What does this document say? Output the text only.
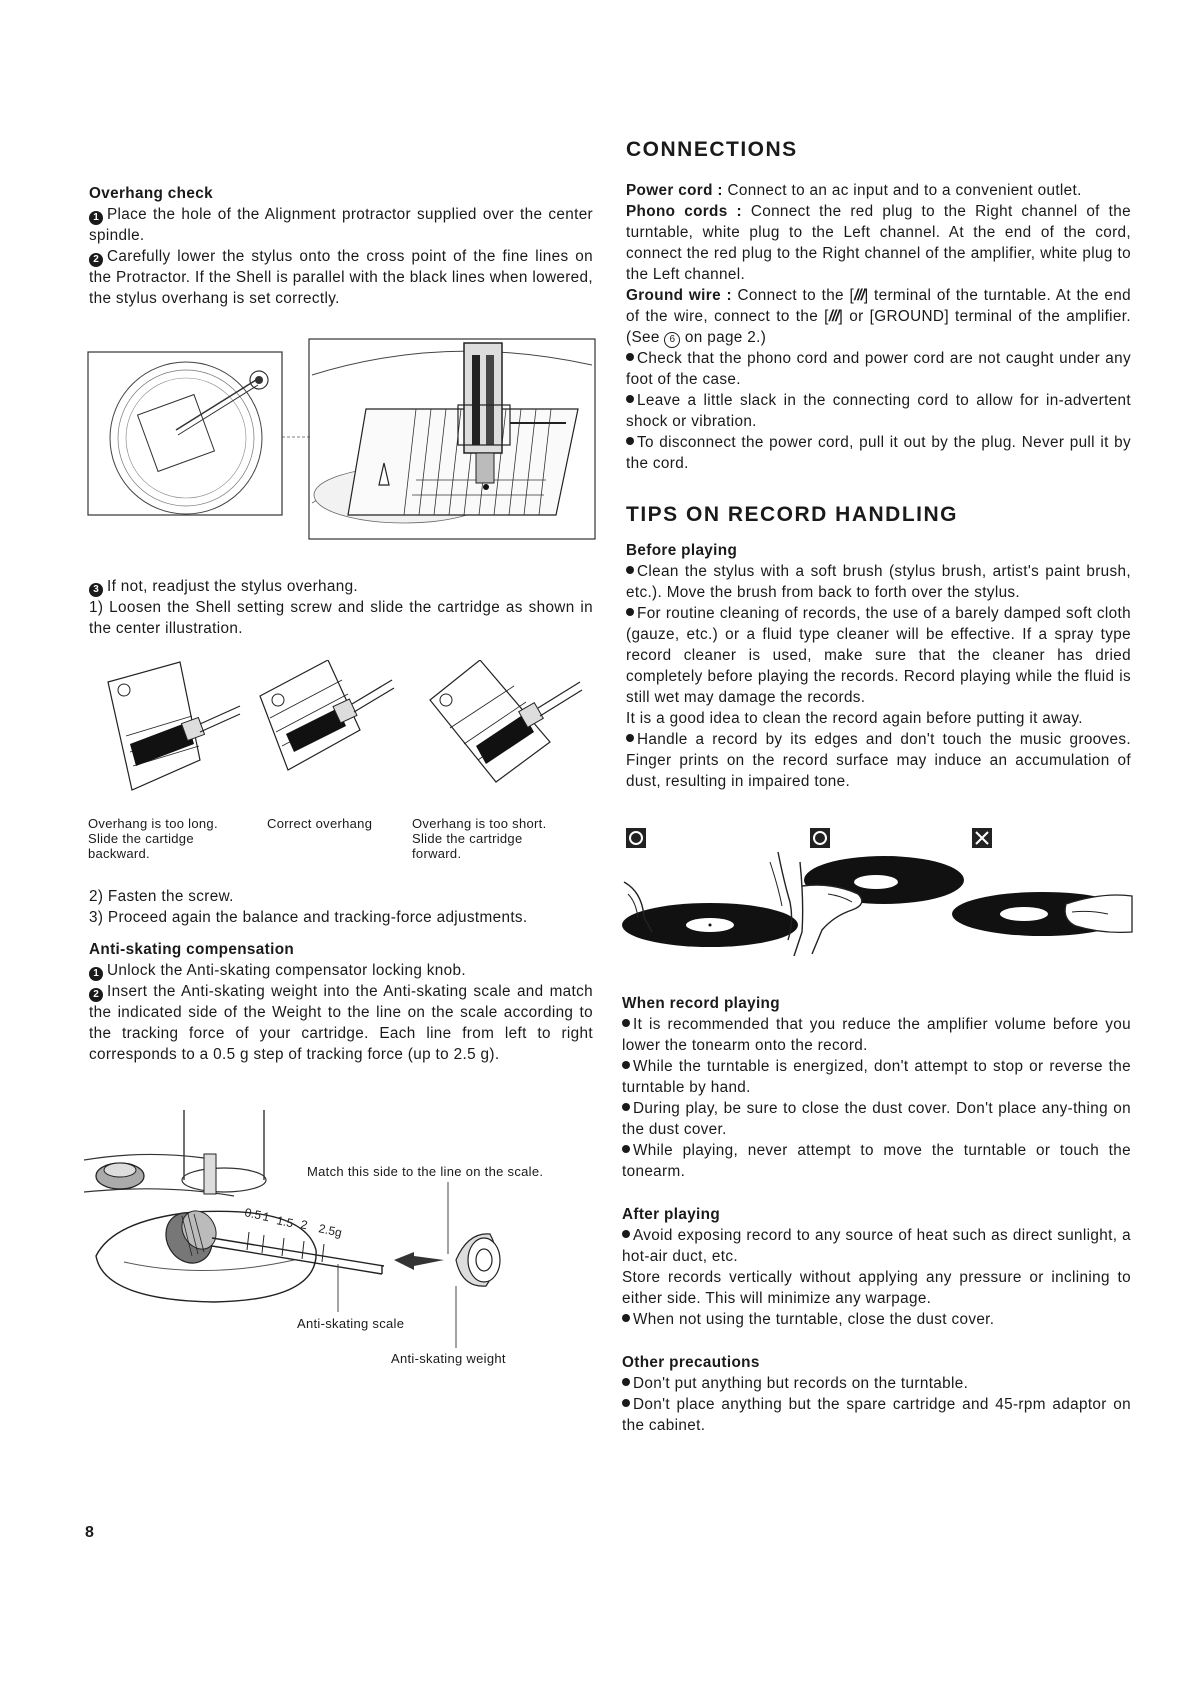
Overhang check

1 Place the hole of the Alignment protractor supplied over the center spindle.

2 Carefully lower the stylus onto the cross point of the fine lines on the Protractor. If the Shell is parallel with the black lines when lowered, the stylus overhang is set correctly.

3 If not, readjust the stylus overhang.

1) Loosen the Shell setting screw and slide the cartridge as shown in the center illustration.

Overhang is too long.
Slide the cartidge
backward.
Correct overhang	Overhang is too short.
Slide the cartridge
forward.

2) Fasten the screw.

3) Proceed again the balance and tracking-force adjustments.

Anti-skating compensation

1 Unlock the Anti-skating compensator locking knob.

2 Insert the Anti-skating weight into the Anti-skating scale and match the indicated side of the Weight to the line on the scale according to the tracking force of your cartridge. Each line from left to right corresponds to a 0.5 g step of tracking force (up to 2.5 g).

0.5
1 1.5 2 2.5g
Match this side to the line on the scale.
Anti-skating scale
Anti-skating weight
CONNECTIONS

Power cord : Connect to an ac input and to a convenient outlet.

Phono cords : Connect the red plug to the Right channel of the turntable, white plug to the Left channel. At the end of the cord, connect the red plug to the Right channel of the amplifier, white plug to the Left channel.

Ground wire : Connect to the [///] terminal of the turntable. At the end of the wire, connect to the [///] or [GROUND] terminal of the amplifier. (See 6 on page 2.)

Check that the phono cord and power cord are not caught under any foot of the case.

Leave a little slack in the connecting cord to allow for in-advertent shock or vibration.

To disconnect the power cord, pull it out by the plug. Never pull it by the cord.

TIPS ON RECORD HANDLING

Before playing

Clean the stylus with a soft brush (stylus brush, artist's paint brush, etc.). Move the brush from back to forth over the stylus.

For routine cleaning of records, the use of a barely damped soft cloth (gauze, etc.) or a fluid type cleaner will be effective. If a spray type record cleaner is used, make sure that the cleaner has dried completely before playing the records. Record playing while the fluid is still wet may damage the records.

It is a good idea to clean the record again before putting it away.

Handle a record by its edges and don't touch the music grooves. Finger prints on the record surface may induce an accumulation of dust, resulting in impaired tone.

When record playing

It is recommended that you reduce the amplifier volume before you lower the tonearm onto the record.

While the turntable is energized, don't attempt to stop or reverse the turntable by hand.

During play, be sure to close the dust cover. Don't place any-thing on the dust cover.

While playing, never attempt to move the turntable or touch the tonearm.

After playing

Avoid exposing record to any source of heat such as direct sunlight, a hot-air duct, etc.

Store records vertically without applying any pressure or inclining to either side. This will minimize any warpage.

When not using the turntable, close the dust cover.

Other precautions

Don't put anything but records on the turntable.

Don't place anything but the spare cartridge and 45-rpm adaptor on the cabinet.

8
